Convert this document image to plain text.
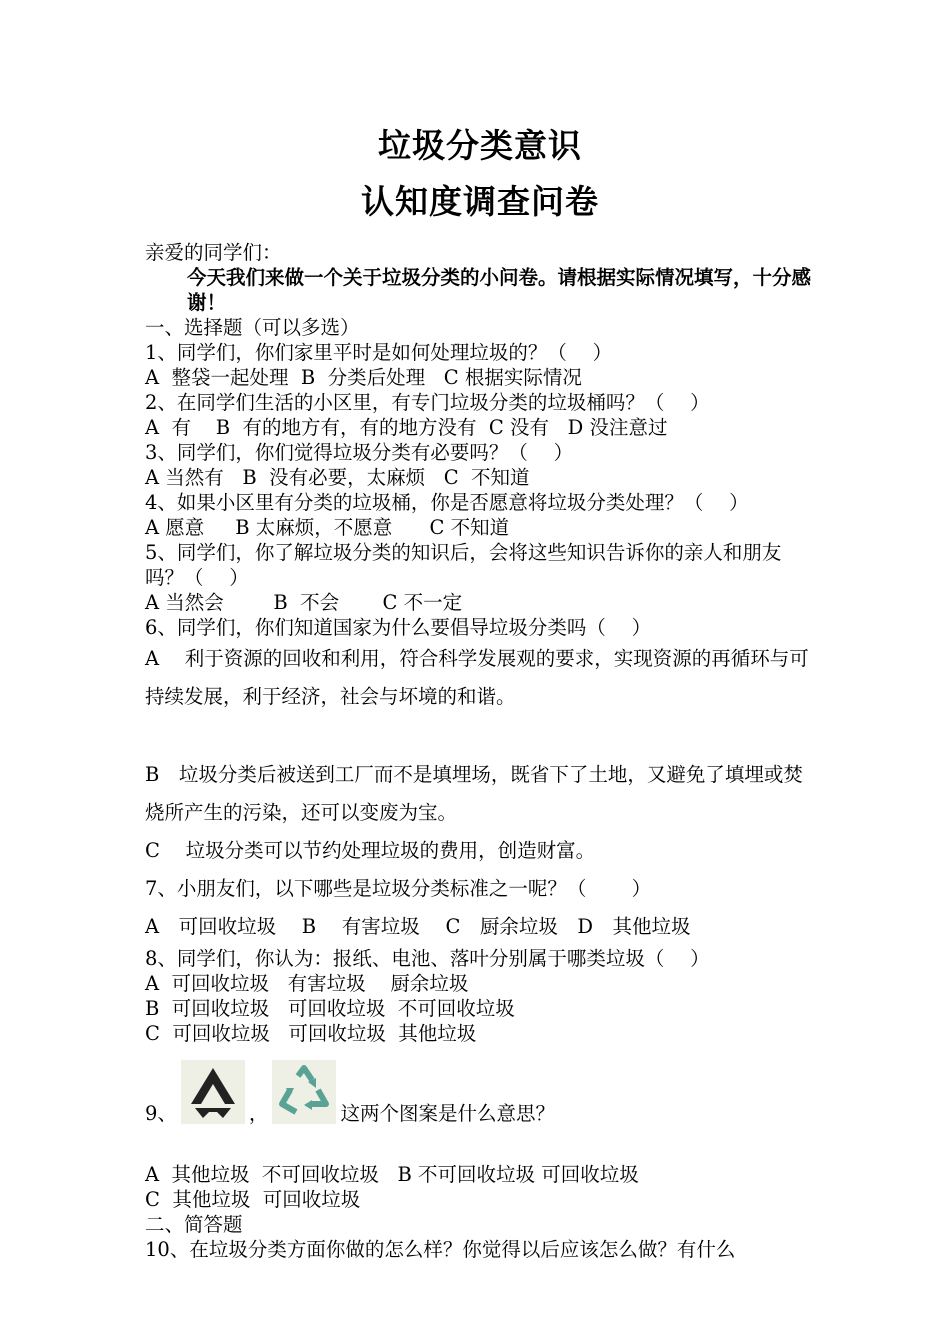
垃圾分类意识
认知度调查问卷
亲爱的同学们：
今天我们来做一个关于垃圾分类的小问卷。请根据实际情况填写，十分感谢！
一、选择题（可以多选）
1、同学们，你们家里平时是如何处理垃圾的？（　 ）
A  整袋一起处理  B  分类后处理   C 根据实际情况
2、在同学们生活的小区里，有专门垃圾分类的垃圾桶吗？（　 ）
A  有    B  有的地方有，有的地方没有  C 没有   D 没注意过
3、同学们，你们觉得垃圾分类有必要吗？（　 ）
A 当然有   B  没有必要，太麻烦   C  不知道
4、如果小区里有分类的垃圾桶，你是否愿意将垃圾分类处理？（　 ）
A 愿意     B 太麻烦，不愿意      C 不知道
5、同学们，你了解垃圾分类的知识后，会将这些知识告诉你的亲人和朋友吗？（　 ）
A 当然会        B  不会       C 不一定
6、同学们，你们知道国家为什么要倡导垃圾分类吗（　 ）
A　 利于资源的回收和利用，符合科学发展观的要求，实现资源的再循环与可持续发展，利于经济，社会与坏境的和谐。
B　垃圾分类后被送到工厂而不是填埋场，既省下了土地，又避免了填埋或焚烧所产生的污染，还可以变废为宝。
C　 垃圾分类可以节约处理垃圾的费用，创造财富。
7、小朋友们，以下哪些是垃圾分类标准之一呢？（　　 ）
A　可回收垃圾　 B　 有害垃圾　 C　厨余垃圾　D　其他垃圾
8、同学们，你认为：报纸、电池、落叶分别属于哪类垃圾（　 ）
A  可回收垃圾   有害垃圾    厨余垃圾
B  可回收垃圾   可回收垃圾  不可回收垃圾
C  可回收垃圾   可回收垃圾  其他垃圾
9、	，	这两个图案是什么意思？
A  其他垃圾  不可回收垃圾   B 不可回收垃圾 可回收垃圾
C  其他垃圾  可回收垃圾
二、简答题
10、在垃圾分类方面你做的怎么样？你觉得以后应该怎么做？有什么
